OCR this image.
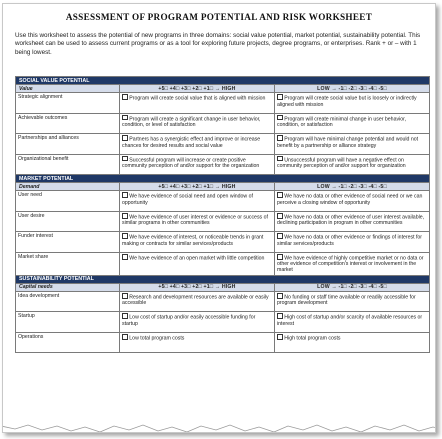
ASSESSMENT OF PROGRAM POTENTIAL AND RISK WORKSHEET
Use this worksheet to assess the potential of new programs in three domains: social value potential, market potential, sustainability potential. This worksheet can be used to assess current programs or as a tool for exploring future projects, degree programs, or enterprises. Rank + or – with 1 being lowest.
SOCIAL VALUE POTENTIAL		
Value	+5□ +4□ +3□ +2□ +1□ → HIGH	LOW → -1□ -2□ -3□ -4□ -5□
Strategic alignment	Program will create social value that is aligned with mission	Program will create social value but is loosely or indirectly aligned with mission
Achievable outcomes	Program will create a significant change in user behavior, condition, or level of satisfaction	Program will create minimal change in user behavior, condition, or satisfaction
Partnerships and alliances	Partners has a synergistic effect and improve or increase chances for desired results and social value	Program will have minimal change potential and would not benefit by a partnership or alliance strategy
Organizational benefit	Successful program will increase or create positive community perception of and/or support for the organization	Unsuccessful program will have a negative effect on community perception of and/or support for organization
MARKET POTENTIAL		
Demand	+5□ +4□ +3□ +2□ +1□ → HIGH	LOW → -1□ -2□ -3□ -4□ -5□
User need	We have evidence of social need and open window of opportunity	We have no data or other evidence of social need or we can perceive a closing window of opportunity
User desire	We have evidence of user interest or evidence or success of similar programs in other communities	We have no data or other evidence of user interest available, declining participation in program in other communities
Funder interest	We have evidence of interest, or noticeable trends in grant making or contracts for similar services/products	We have no data or other evidence or findings of interest for similar services/products
Market share	We have evidence of an open market with little competition	We have evidence of highly competitive market or no data or other evidence of competition's interest or involvement in the market
SUSTAINABILITY POTENTIAL		
Capital needs	+5□ +4□ +3□ +2□ +1□ → HIGH	LOW → -1□ -2□ -3□ -4□ -5□
Idea development	Research and development resources are available or easily accessible	No funding or staff time available or readily accessible for program development
Startup	Low cost of startup and/or easily accessible funding for startup	High cost of startup and/or scarcity of available resources or interest
Operations	Low total program costs	High total program costs
